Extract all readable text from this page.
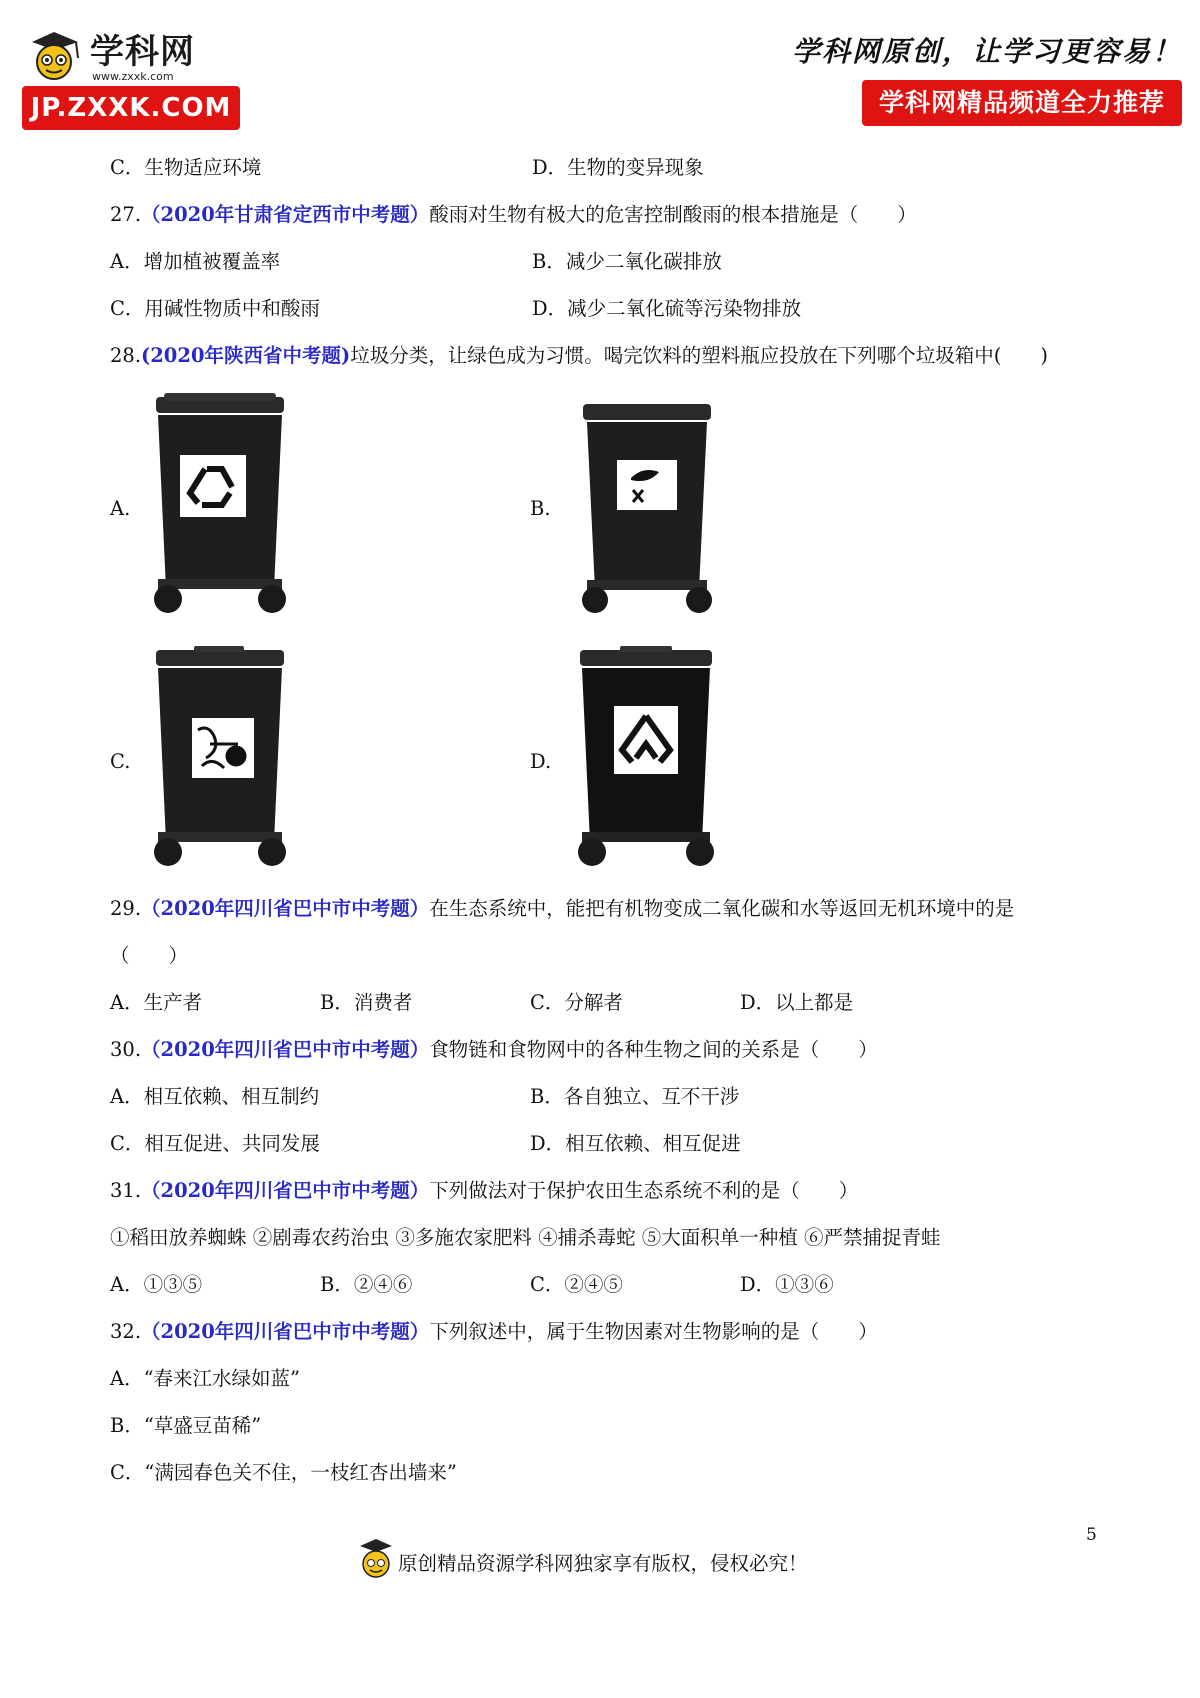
学科网
www.zxxk.com
JP.ZXXK.COM
学科网原创，让学习更容易！
学科网精品频道全力推荐
C．生物适应环境	D．生物的变异现象
27.（2020年甘肃省定西市中考题）酸雨对生物有极大的危害控制酸雨的根本措施是（　　）
A．增加植被覆盖率	B．减少二氧化碳排放
C．用碱性物质中和酸雨	D．减少二氧化硫等污染物排放
28.(2020年陕西省中考题)垃圾分类，让绿色成为习惯。喝完饮料的塑料瓶应投放在下列哪个垃圾箱中(　　)
A.	B.
C.	D.
29.（2020年四川省巴中市中考题）在生态系统中，能把有机物变成二氧化碳和水等返回无机环境中的是
（　　）
A．生产者	B．消费者	C．分解者	D．以上都是
30.（2020年四川省巴中市中考题）食物链和食物网中的各种生物之间的关系是（　　）
A．相互依赖、相互制约	B．各自独立、互不干涉
C．相互促进、共同发展	D．相互依赖、相互促进
31.（2020年四川省巴中市中考题）下列做法对于保护农田生态系统不利的是（　　）
①稻田放养蜘蛛 ②剧毒农药治虫 ③多施农家肥料 ④捕杀毒蛇 ⑤大面积单一种植 ⑥严禁捕捉青蛙
A．①③⑤	B．②④⑥	C．②④⑤	D．①③⑥
32.（2020年四川省巴中市中考题）下列叙述中，属于生物因素对生物影响的是（　　）
A．“春来江水绿如蓝”
B．“草盛豆苗稀”
C．“满园春色关不住，一枝红杏出墙来”
原创精品资源学科网独家享有版权，侵权必究！
5
